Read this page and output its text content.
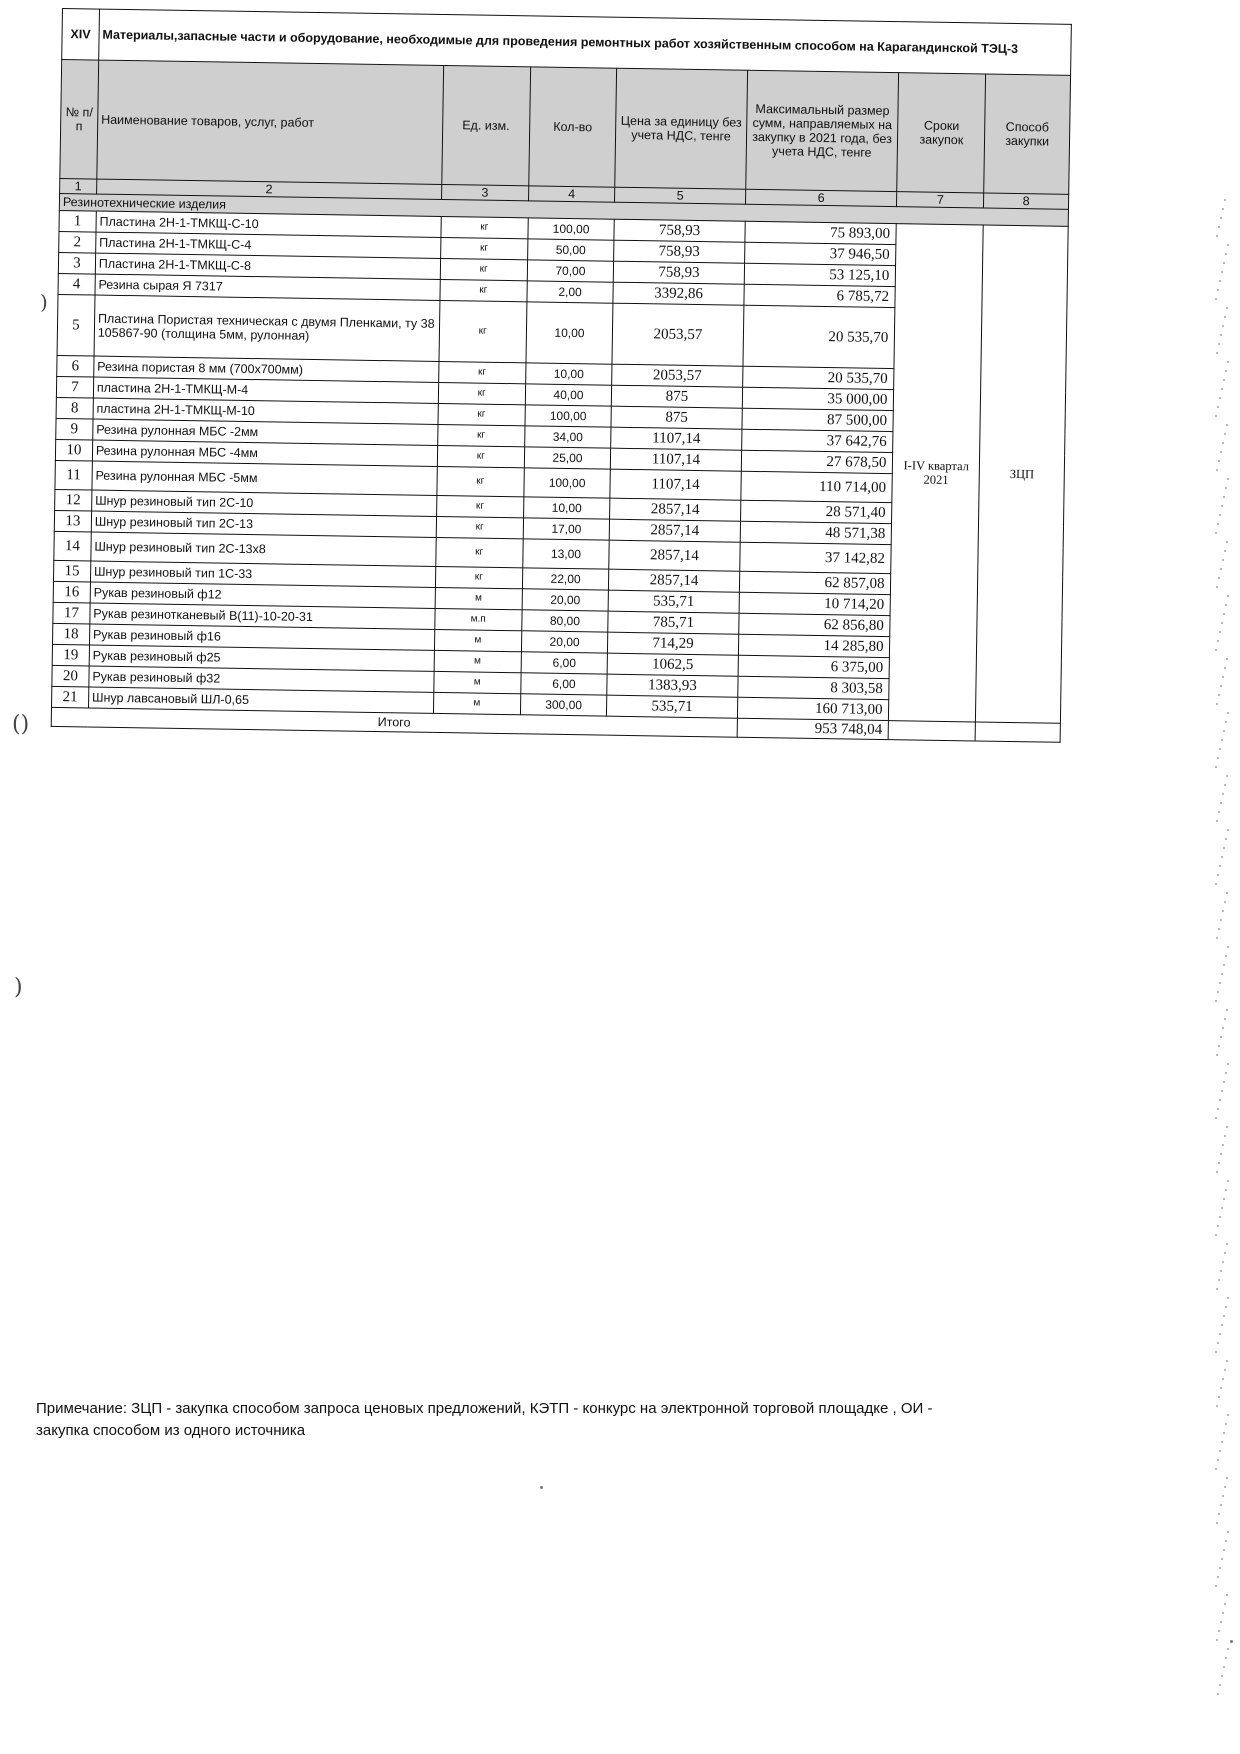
XIV	Материалы,запасные части и оборудование, необходимые для проведения ремонтных работ хозяйственным способом на Карагандинской ТЭЦ-3						
№ п/п	Наименование товаров, услуг, работ	Ед. изм.	Кол-во	Цена за единицу без учета НДС, тенге	Максимальный размер сумм, направляемых на закупку в 2021 года, без учета НДС, тенге	Сроки закупок	Способ закупки
1	2	3	4	5	6	7	8
Резинотехнические изделия							
1	Пластина 2Н-1-ТМКЩ-С-10	кг	100,00	758,93	75 893,00	I-IV квартал 2021	ЗЦП
2	Пластина 2Н-1-ТМКЩ-С-4	кг	50,00	758,93	37 946,50		
3	Пластина 2Н-1-ТМКЩ-С-8	кг	70,00	758,93	53 125,10		
4	Резина сырая Я 7317	кг	2,00	3392,86	6 785,72		
5	Пластина Пористая техническая с двумя Пленками, ту 38 105867-90 (толщина 5мм, рулонная)	кг	10,00	2053,57	20 535,70		
6	Резина пористая 8 мм (700х700мм)	кг	10,00	2053,57	20 535,70		
7	пластина 2Н-1-ТМКЩ-М-4	кг	40,00	875	35 000,00		
8	пластина 2Н-1-ТМКЩ-М-10	кг	100,00	875	87 500,00		
9	Резина рулонная МБС -2мм	кг	34,00	1107,14	37 642,76		
10	Резина рулонная МБС -4мм	кг	25,00	1107,14	27 678,50		
11	Резина рулонная МБС -5мм	кг	100,00	1107,14	110 714,00		
12	Шнур резиновый тип 2С-10	кг	10,00	2857,14	28 571,40		
13	Шнур резиновый тип 2С-13	кг	17,00	2857,14	48 571,38		
14	Шнур резиновый тип 2С-13х8	кг	13,00	2857,14	37 142,82		
15	Шнур резиновый тип 1С-33	кг	22,00	2857,14	62 857,08		
16	Рукав резиновый ф12	м	20,00	535,71	10 714,20		
17	Рукав резинотканевый В(11)-10-20-31	м.п	80,00	785,71	62 856,80		
18	Рукав резиновый ф16	м	20,00	714,29	14 285,80		
19	Рукав резиновый ф25	м	6,00	1062,5	6 375,00		
20	Рукав резиновый ф32	м	6,00	1383,93	8 303,58		
21	Шнур лавсановый ШЛ-0,65	м	300,00	535,71	160 713,00		
Итого					953 748,04		
Примечание: ЗЦП - закупка способом запроса ценовых предложений, КЭТП - конкурс на электронной торговой площадке , ОИ - закупка способом из одного источника
)
()
)
